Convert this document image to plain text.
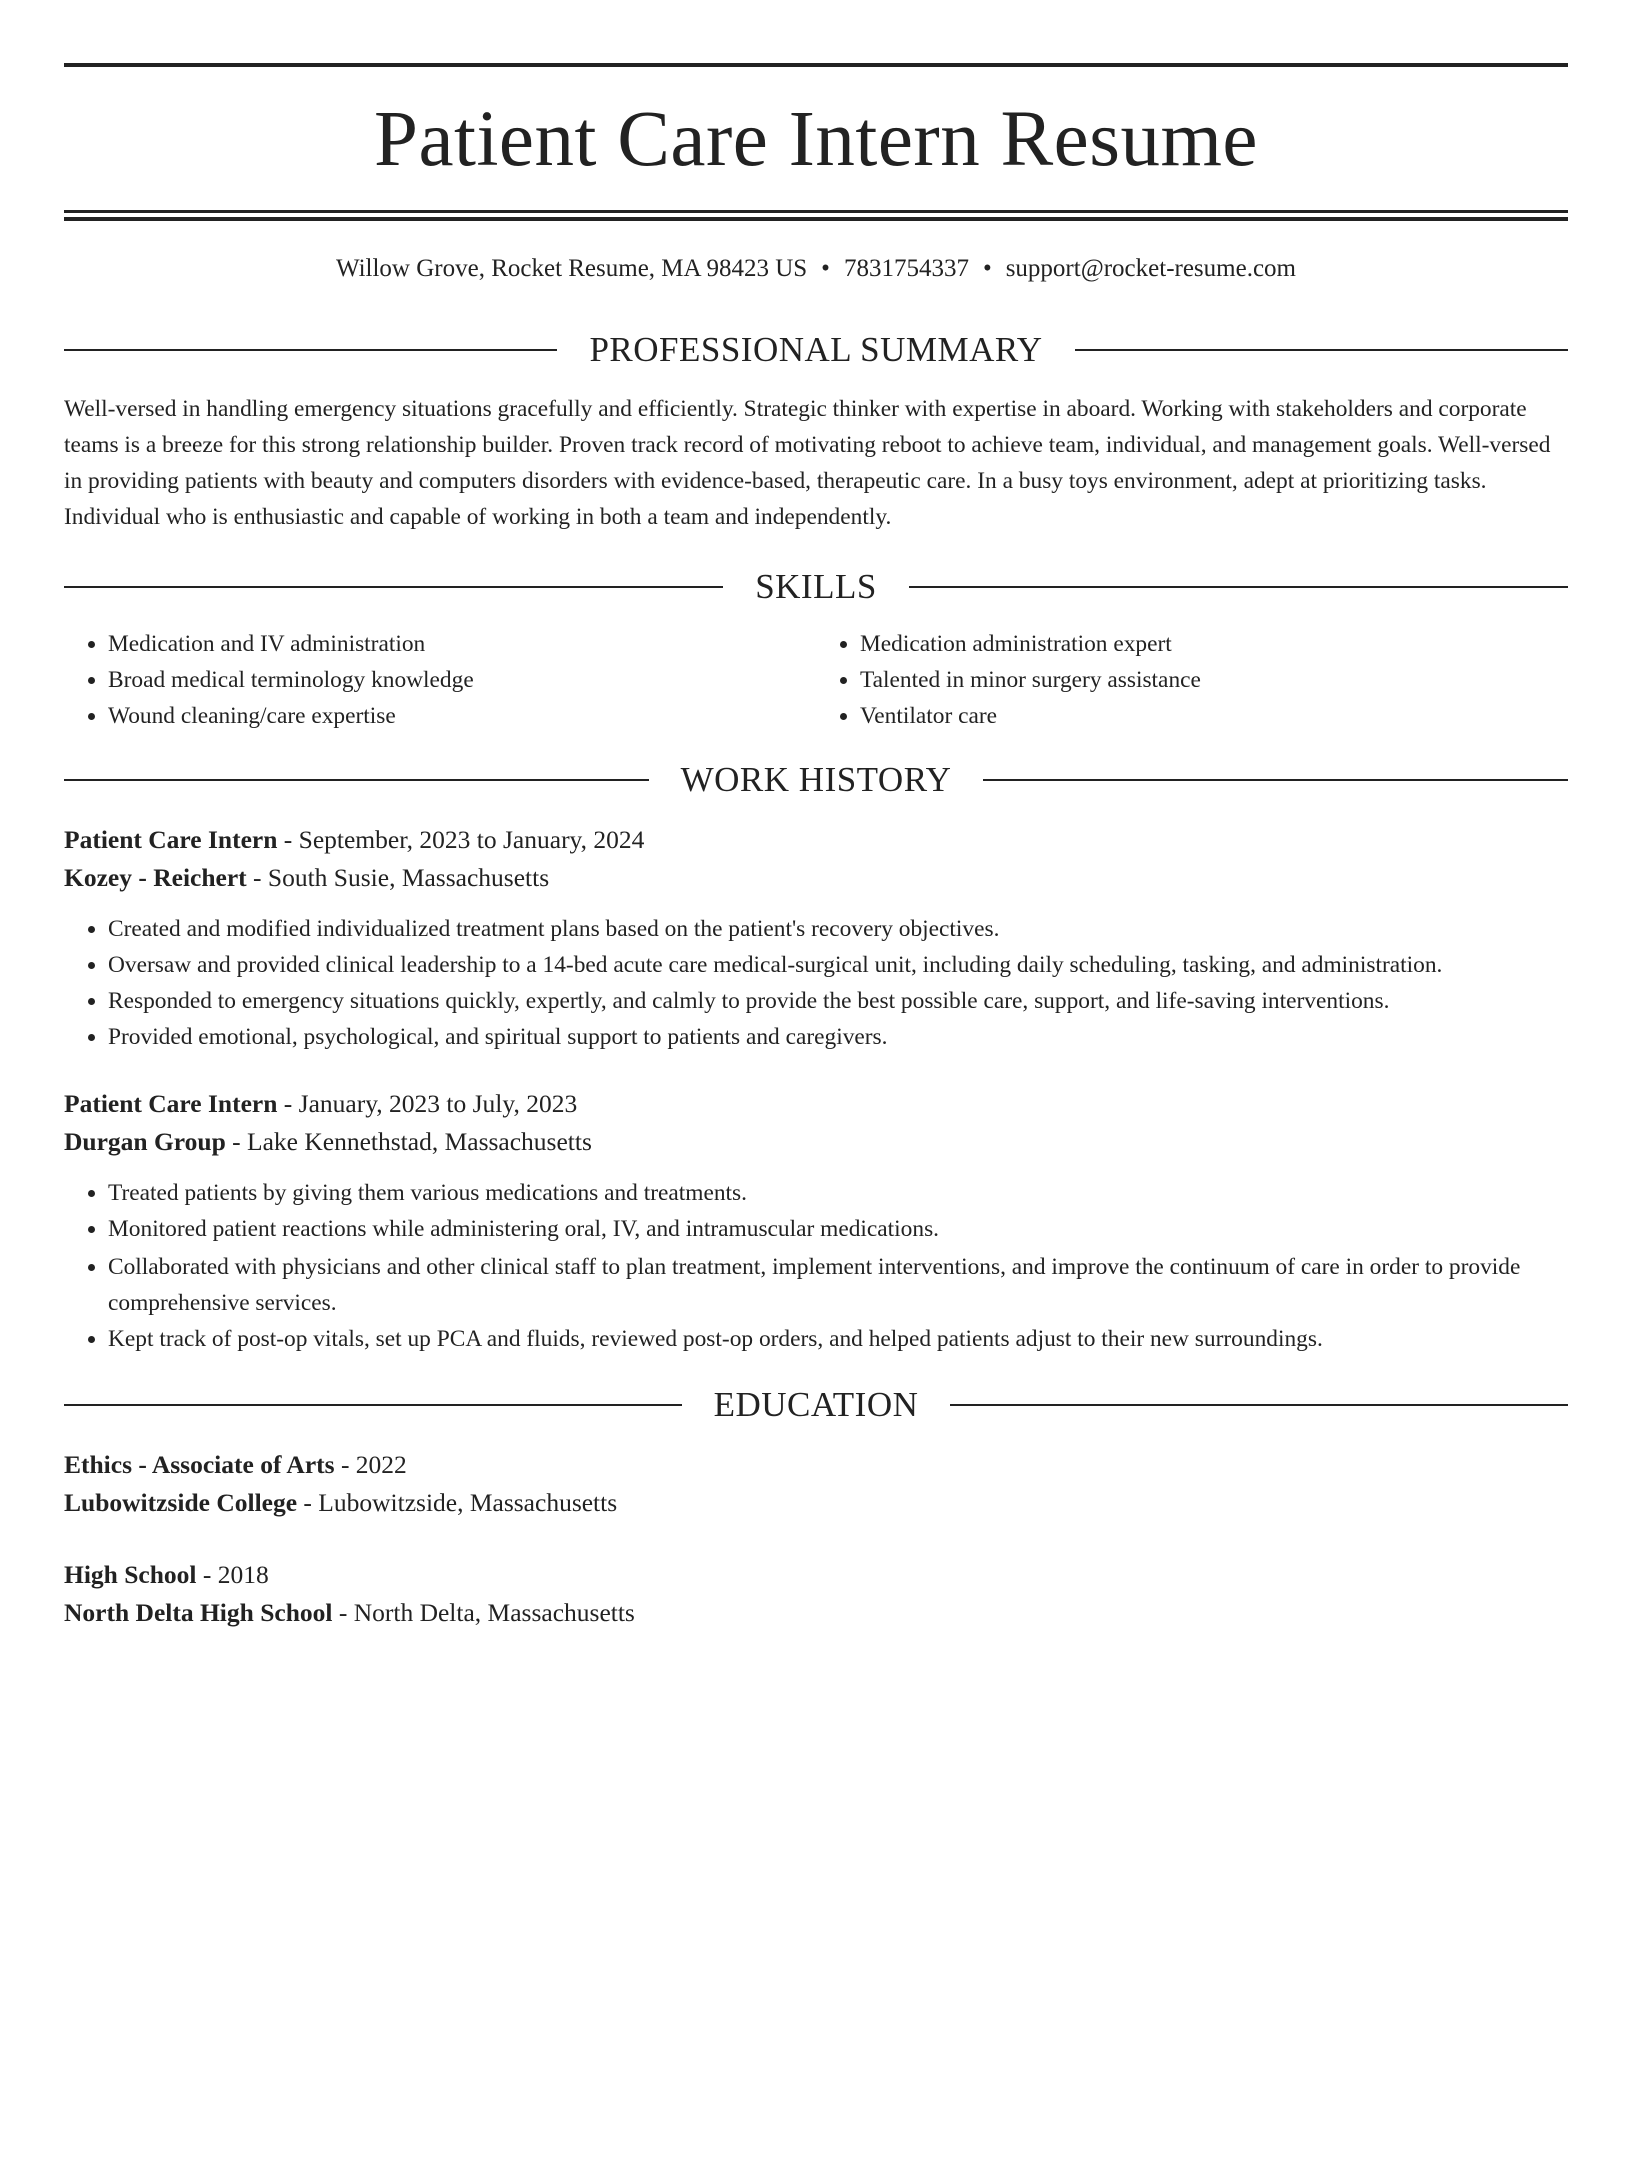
Patient Care Intern Resume
Willow Grove, Rocket Resume, MA 98423 US • 7831754337 • support@rocket-resume.com
PROFESSIONAL SUMMARY

Well-versed in handling emergency situations gracefully and efficiently. Strategic thinker with expertise in aboard. Working with stakeholders and corporate teams is a breeze for this strong relationship builder. Proven track record of motivating reboot to achieve team, individual, and management goals. Well-versed in providing patients with beauty and computers disorders with evidence-based, therapeutic care. In a busy toys environment, adept at prioritizing tasks. Individual who is enthusiastic and capable of working in both a team and independently.

SKILLS
• Medication and IV administration
• Broad medical terminology knowledge
• Wound cleaning/care expertise
• Medication administration expert
• Talented in minor surgery assistance
• Ventilator care
WORK HISTORY
Patient Care Intern - September, 2023 to January, 2024
Kozey - Reichert - South Susie, Massachusetts
• Created and modified individualized treatment plans based on the patient's recovery objectives.
• Oversaw and provided clinical leadership to a 14-bed acute care medical-surgical unit, including daily scheduling, tasking, and administration.
• Responded to emergency situations quickly, expertly, and calmly to provide the best possible care, support, and life-saving interventions.
• Provided emotional, psychological, and spiritual support to patients and caregivers.
Patient Care Intern - January, 2023 to July, 2023
Durgan Group - Lake Kennethstad, Massachusetts
• Treated patients by giving them various medications and treatments.
• Monitored patient reactions while administering oral, IV, and intramuscular medications.
• Collaborated with physicians and other clinical staff to plan treatment, implement interventions, and improve the continuum of care in order to provide comprehensive services.
• Kept track of post-op vitals, set up PCA and fluids, reviewed post-op orders, and helped patients adjust to their new surroundings.
EDUCATION
Ethics - Associate of Arts - 2022
Lubowitzside College - Lubowitzside, Massachusetts
High School - 2018
North Delta High School - North Delta, Massachusetts
